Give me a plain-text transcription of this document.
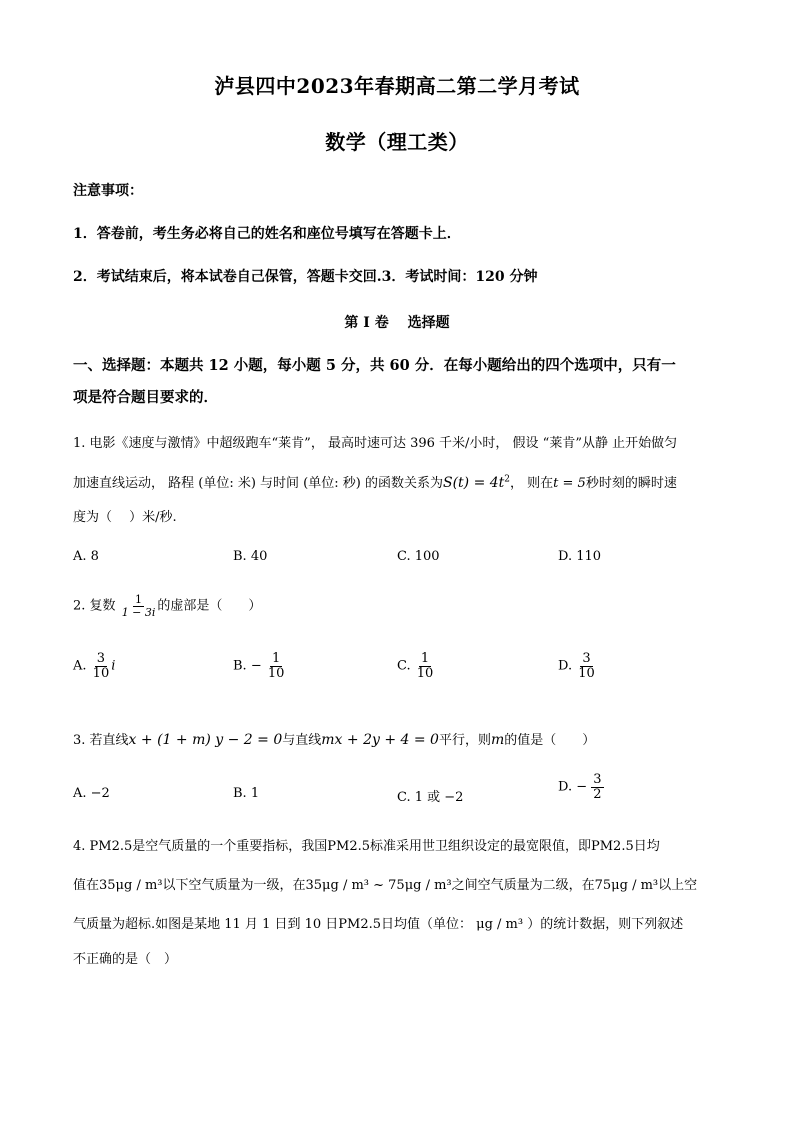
泸县四中2023年春期高二第二学月考试
数学（理工类）
注意事项：
1．答卷前，考生务必将自己的姓名和座位号填写在答题卡上．
2．考试结束后，将本试卷自己保管，答题卡交回.3．考试时间：120 分钟
第 I 卷　 选择题
一、选择题：本题共 12 小题，每小题 5 分，共 60 分．在每小题给出的四个选项中，只有一
项是符合题目要求的．
1. 电影《速度与激情》中超级跑车“莱肯”， 最高时速可达 396 千米/小时， 假设 “莱肯”从静 止开始做匀
加速直线运动， 路程 (单位: 米) 与时间 (单位: 秒) 的函数关系为$S(t) = 4t^2$， 则在t = 5秒时刻的瞬时速
度为（　 ）米/秒.
A. 8	B. 40	C. 100	D. 110
2. 复数 $\frac{1}{1 - 3i}$ 的虚部是（　　）
A. $\frac{3}{10}$ i	B. − $\frac{1}{10}$	C. $\frac{1}{10}$	D. $\frac{3}{10}$
3. 若直线x + (1 + m) y − 2 = 0与直线mx + 2y + 4 = 0平行，则m的值是（　　）
A. −2	B. 1	C. 1 或 −2
D. − $\frac{3}{2}$
4. PM2.5是空气质量的一个重要指标，我国PM2.5标准采用世卫组织设定的最宽限值，即PM2.5日均
值在35μg / m³以下空气质量为一级，在35μg / m³ ~ 75μg / m³之间空气质量为二级，在75μg / m³以上空
气质量为超标.如图是某地 11 月 1 日到 10 日PM2.5日均值（单位： μg / m³ ）的统计数据，则下列叙述
不正确的是（　）
